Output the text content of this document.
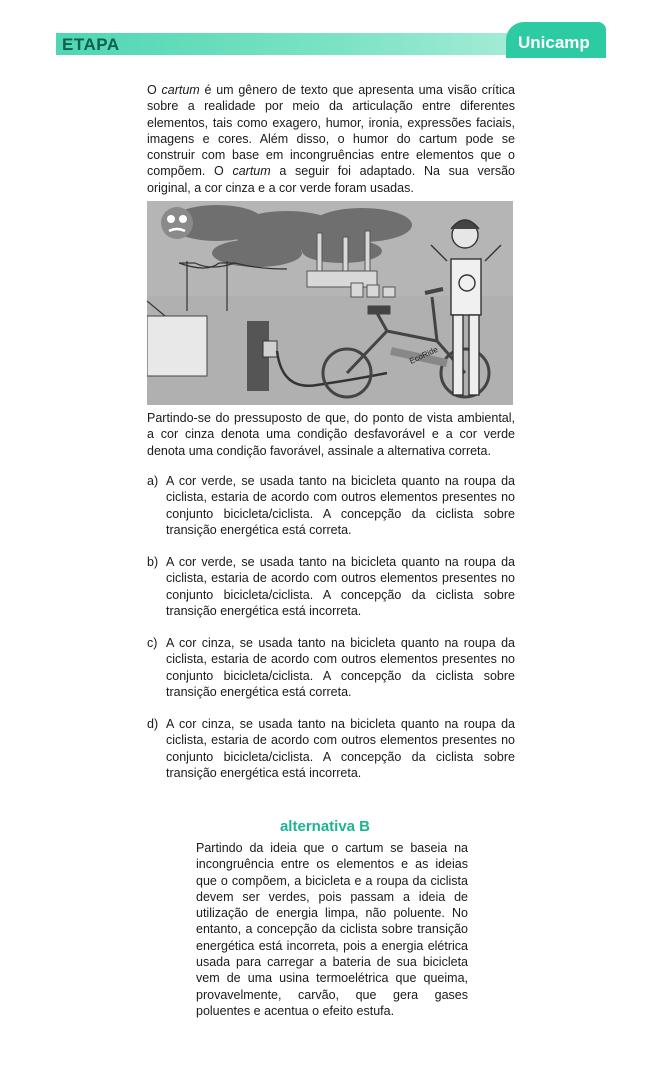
ETAPA	Unicamp

O cartum é um gênero de texto que apresenta uma visão crítica sobre a realidade por meio da articulação entre diferentes elementos, tais como exagero, humor, ironia, expressões faciais, imagens e cores. Além disso, o humor do cartum pode se construir com base em incongruências entre elementos que o compõem. O cartum a seguir foi adaptado. Na sua versão original, a cor cinza e a cor verde foram usadas.

EcoRide

Partindo-se do pressuposto de que, do ponto de vista ambiental, a cor cinza denota uma condição desfavorável e a cor verde denota uma condição favorável, assinale a alternativa correta.

a) A cor verde, se usada tanto na bicicleta quanto na roupa da ciclista, estaria de acordo com outros elementos presentes no conjunto bicicleta/ciclista. A concepção da ciclista sobre transição energética está correta.
b) A cor verde, se usada tanto na bicicleta quanto na roupa da ciclista, estaria de acordo com outros elementos presentes no conjunto bicicleta/ciclista. A concepção da ciclista sobre transição energética está incorreta.
c) A cor cinza, se usada tanto na bicicleta quanto na roupa da ciclista, estaria de acordo com outros elementos presentes no conjunto bicicleta/ciclista. A concepção da ciclista sobre transição energética está correta.
d) A cor cinza, se usada tanto na bicicleta quanto na roupa da ciclista, estaria de acordo com outros elementos presentes no conjunto bicicleta/ciclista. A concepção da ciclista sobre transição energética está incorreta.
alternativa B

Partindo da ideia que o cartum se baseia na incongruência entre os elementos e as ideias que o compõem, a bicicleta e a roupa da ciclista devem ser verdes, pois passam a ideia de utilização de energia limpa, não poluente. No entanto, a concepção da ciclista sobre transição energética está incorreta, pois a energia elétrica usada para carregar a bateria de sua bicicleta vem de uma usina termoelétrica que queima, provavelmente, carvão, que gera gases poluentes e acentua o efeito estufa.
